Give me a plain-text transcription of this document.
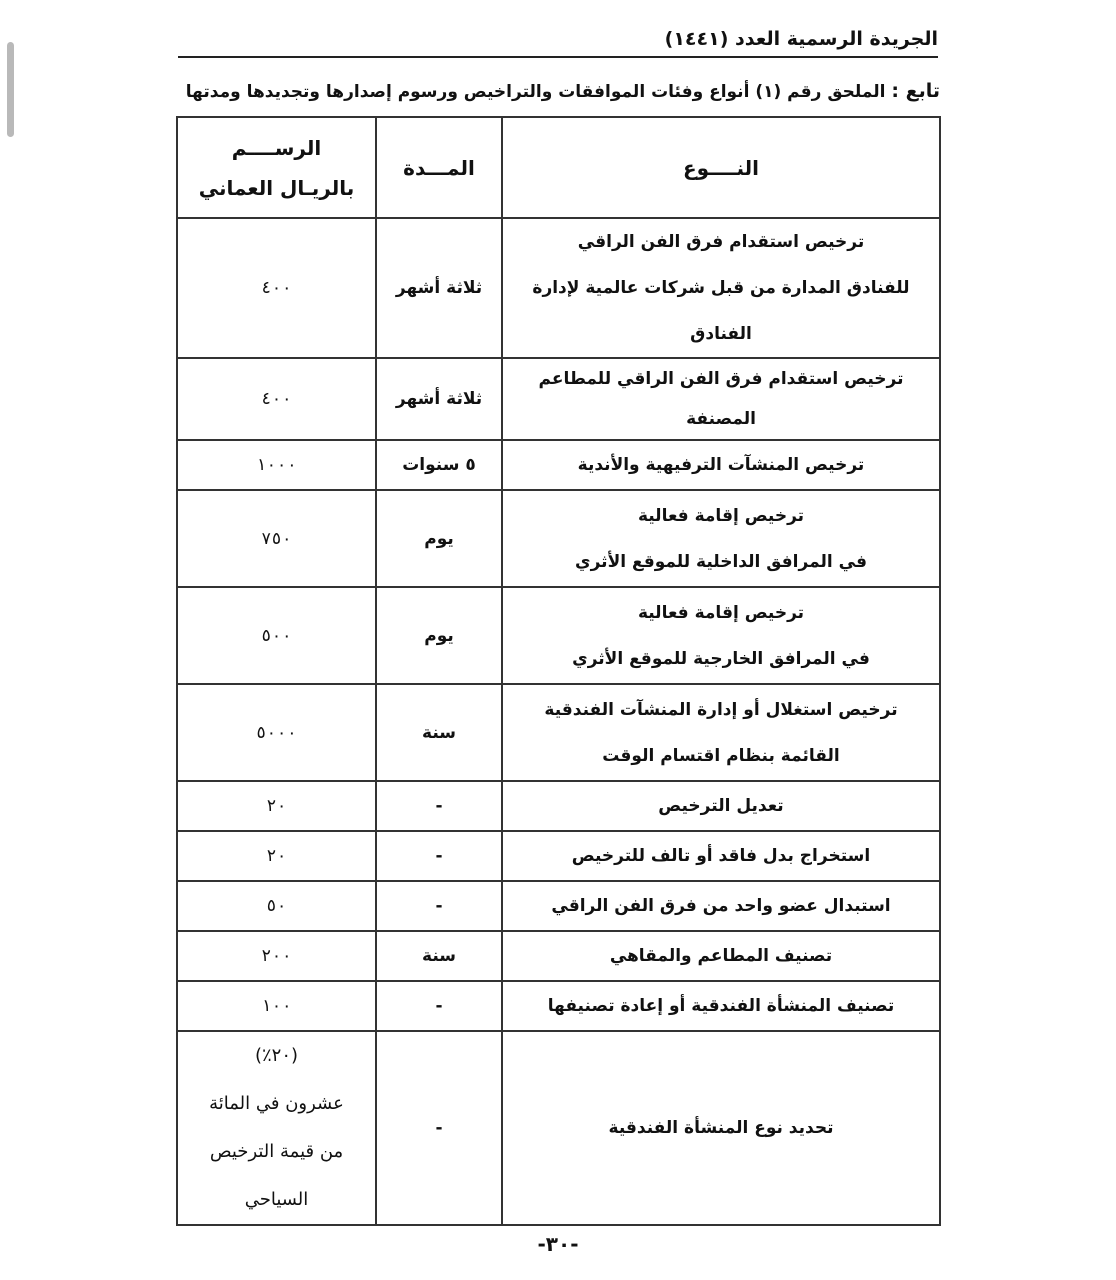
الجريدة الرسمية العدد (١٤٤١)
تابع : الملحق رقم (١) أنواع وفئات الموافقات والتراخيص ورسوم إصدارها وتجديدها ومدتها
النــــوع	المـــدة	الرســــم
بالريـال العماني

ترخيص استقدام فرق الفن الراقي
للفنادق المدارة من قبل شركات عالمية لإدارة الفنادق	ثلاثة أشهر	٤٠٠

ترخيص استقدام فرق الفن الراقي للمطاعم المصنفة	ثلاثة أشهر	٤٠٠

ترخيص المنشآت الترفيهية والأندية	٥ سنوات	١٠٠٠

ترخيص إقامة فعالية
في المرافق الداخلية للموقع الأثري	يوم	٧٥٠

ترخيص إقامة فعالية
في المرافق الخارجية للموقع الأثري	يوم	٥٠٠

ترخيص استغلال أو إدارة المنشآت الفندقية
القائمة بنظام اقتسام الوقت	سنة	٥٠٠٠

تعديل الترخيص	-	٢٠

استخراج بدل فاقد أو تالف للترخيص	-	٢٠

استبدال عضو واحد من فرق الفن الراقي	-	٥٠

تصنيف المطاعم والمقاهي	سنة	٢٠٠

تصنيف المنشأة الفندقية أو إعادة تصنيفها	-	١٠٠

تحديد نوع المنشأة الفندقية	-	(٢٠٪)
عشرون في المائة
من قيمة الترخيص
السياحي
-٣٠-
